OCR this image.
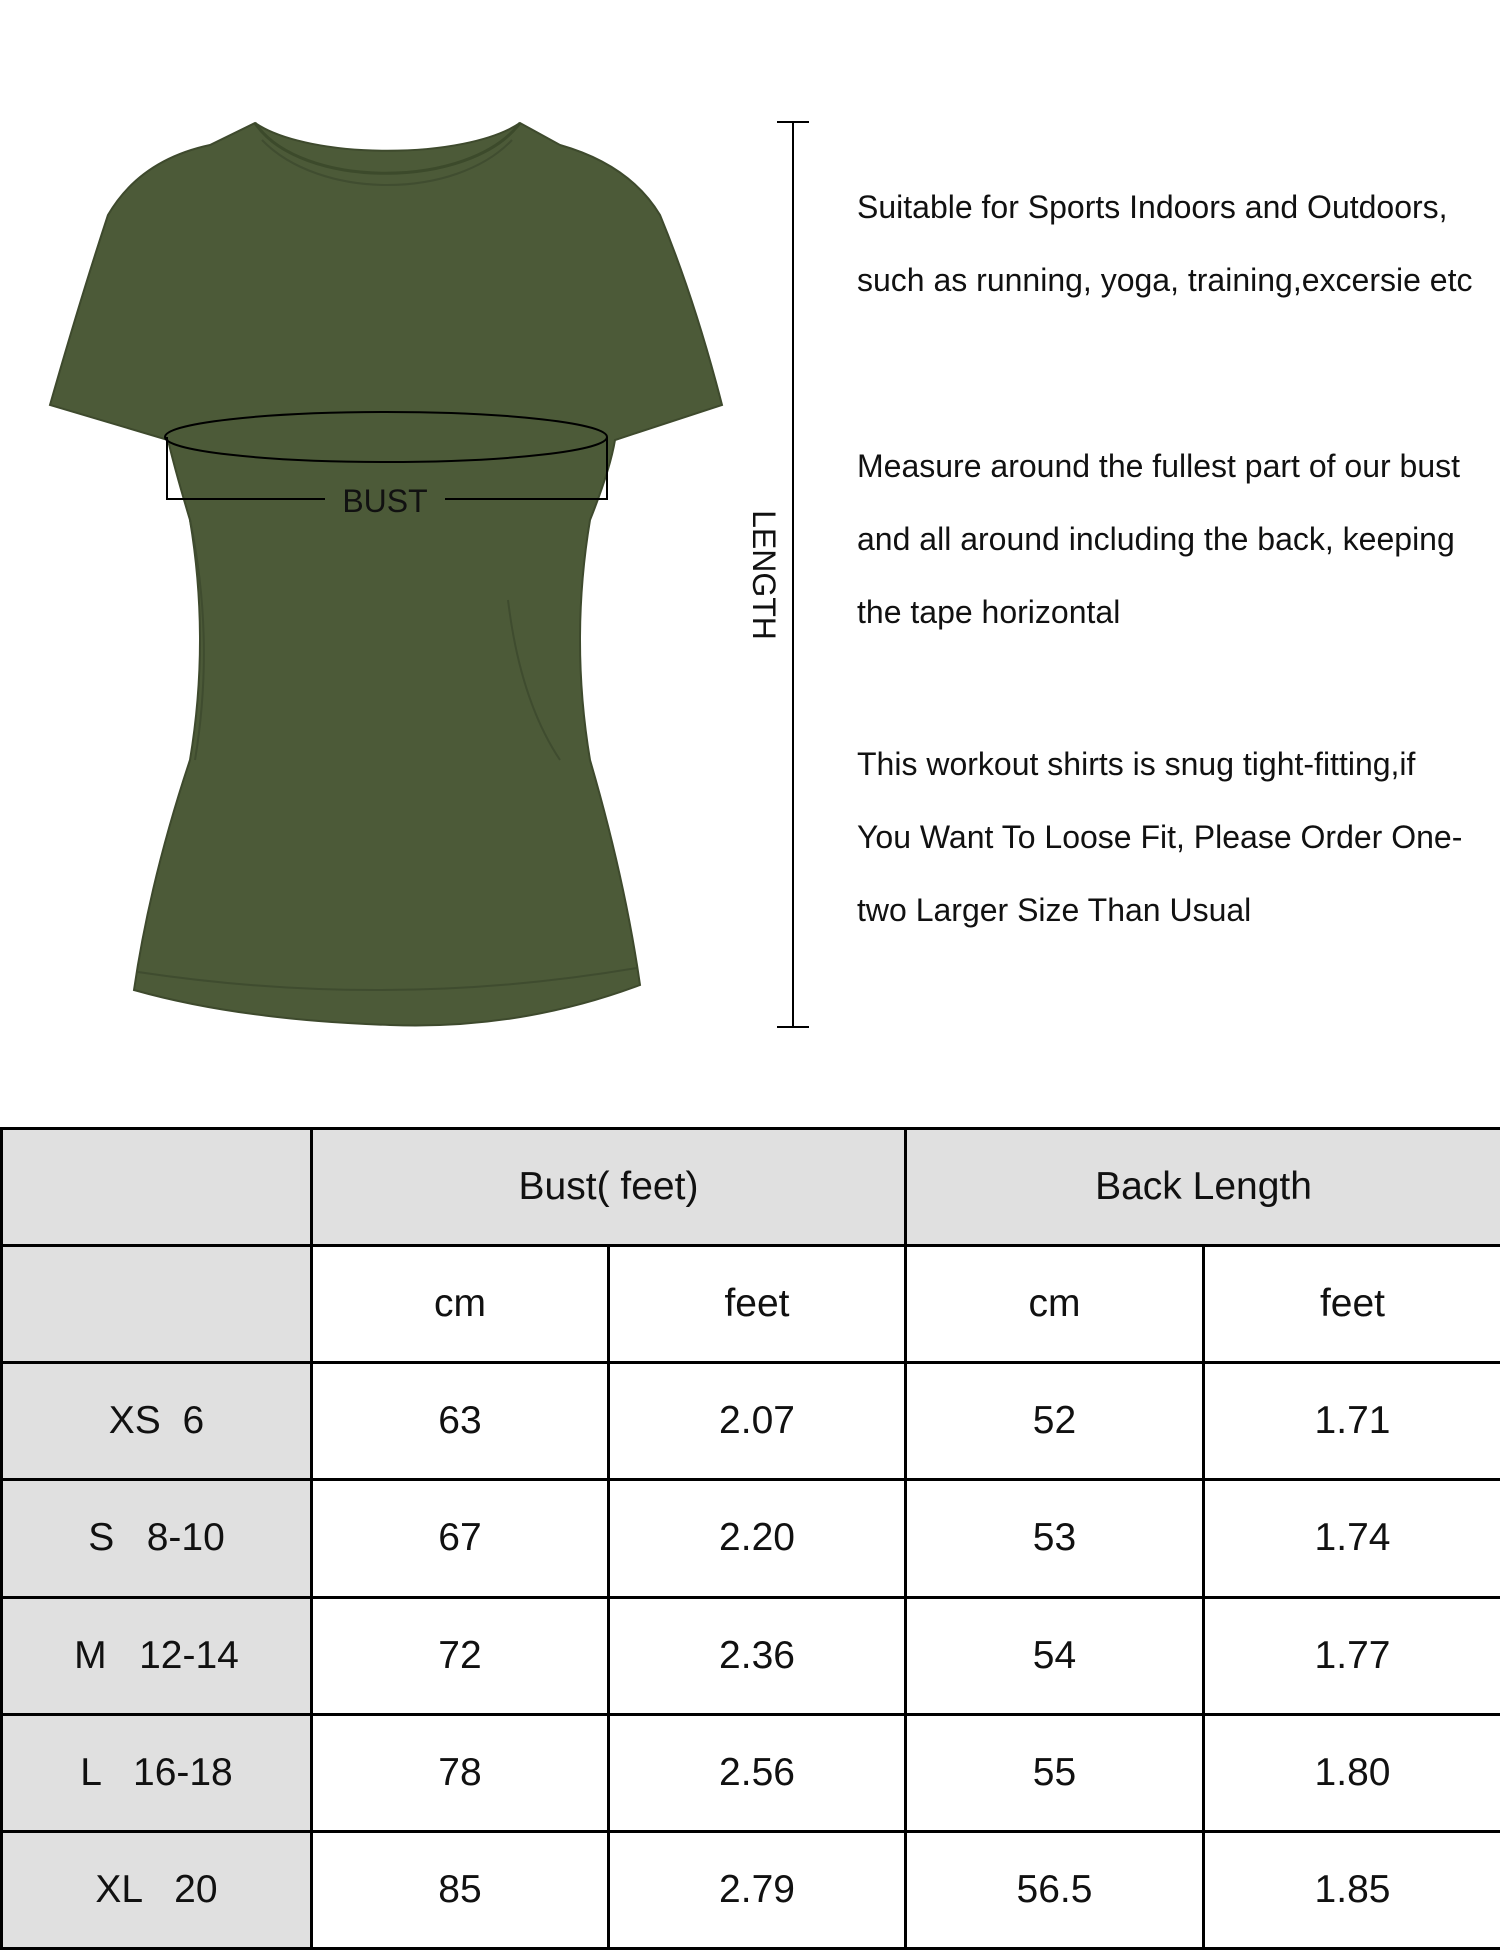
BUST
LENGTH

Suitable for Sports Indoors and Outdoors, such as running, yoga, training,excersie etc

Measure around the fullest part of our bust and all around including the back, keeping the tape horizontal

This workout shirts is snug tight-fitting,if You Want To Loose Fit, Please Order One-two Larger Size Than Usual

	Bust( feet)		Back Length	
	cm	feet	cm	feet
XS  6	63	2.07	52	1.71
S   8-10	67	2.20	53	1.74
M   12-14	72	2.36	54	1.77
L   16-18	78	2.56	55	1.80
XL   20	85	2.79	56.5	1.85
